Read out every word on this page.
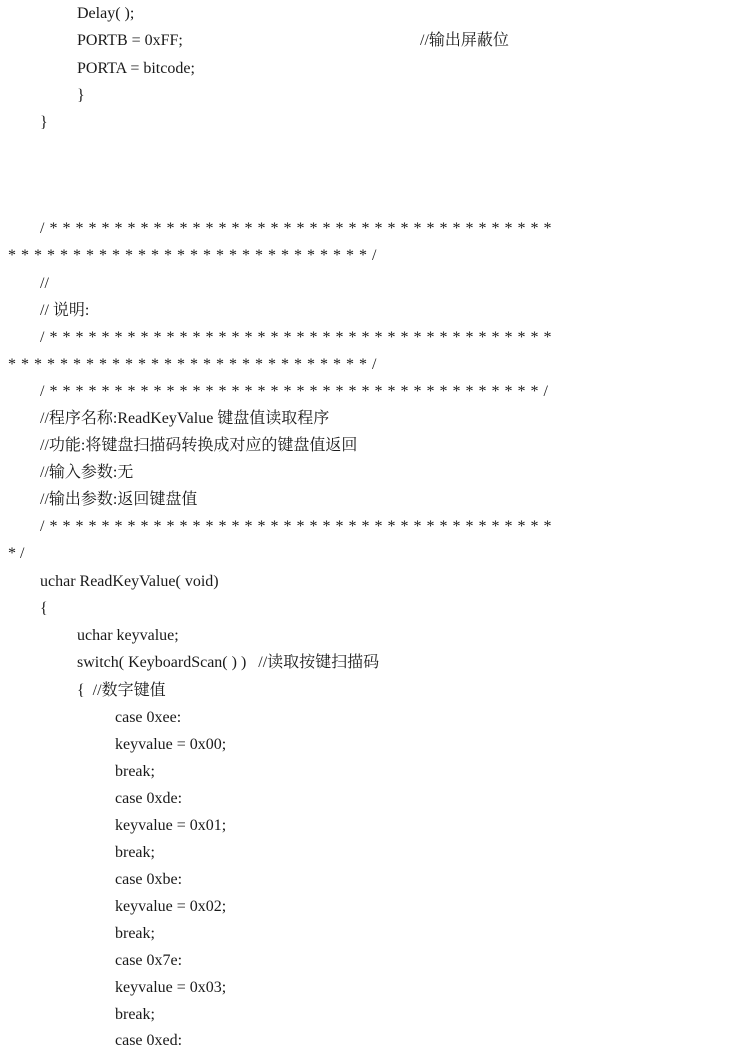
Delay( );
PORTB = 0xFF;	//输出屏蔽位
PORTA = bitcode;
}
}
/ * * * * * * * * * * * * * * * * * * * * * * * * * * * * * * * * * * * * * * *
* * * * * * * * * * * * * * * * * * * * * * * * * * * * /
//
// 说明:
/ * * * * * * * * * * * * * * * * * * * * * * * * * * * * * * * * * * * * * * *
* * * * * * * * * * * * * * * * * * * * * * * * * * * * /
/ * * * * * * * * * * * * * * * * * * * * * * * * * * * * * * * * * * * * * * /
//程序名称:ReadKeyValue 键盘值读取程序
//功能:将键盘扫描码转换成对应的键盘值返回
//输入参数:无
//输出参数:返回键盘值
/ * * * * * * * * * * * * * * * * * * * * * * * * * * * * * * * * * * * * * * *
* /
uchar ReadKeyValue( void)
{
uchar keyvalue;
switch( KeyboardScan( ) )   //读取按键扫描码
{  //数字键值
case 0xee:
keyvalue = 0x00;
break;
case 0xde:
keyvalue = 0x01;
break;
case 0xbe:
keyvalue = 0x02;
break;
case 0x7e:
keyvalue = 0x03;
break;
case 0xed:
